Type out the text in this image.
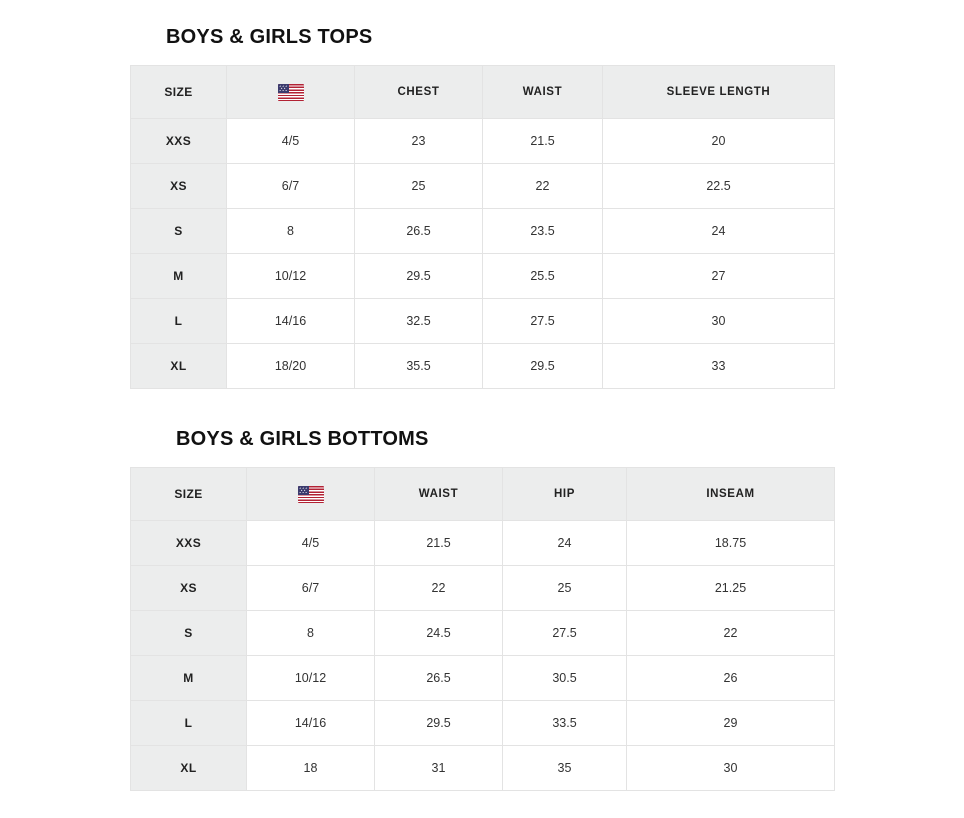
BOYS & GIRLS TOPS
SIZE		CHEST	WAIST	SLEEVE LENGTH
XXS	4/5	23	21.5	20
XS	6/7	25	22	22.5
S	8	26.5	23.5	24
M	10/12	29.5	25.5	27
L	14/16	32.5	27.5	30
XL	18/20	35.5	29.5	33
BOYS & GIRLS BOTTOMS
SIZE		WAIST	HIP	INSEAM
XXS	4/5	21.5	24	18.75
XS	6/7	22	25	21.25
S	8	24.5	27.5	22
M	10/12	26.5	30.5	26
L	14/16	29.5	33.5	29
XL	18	31	35	30
